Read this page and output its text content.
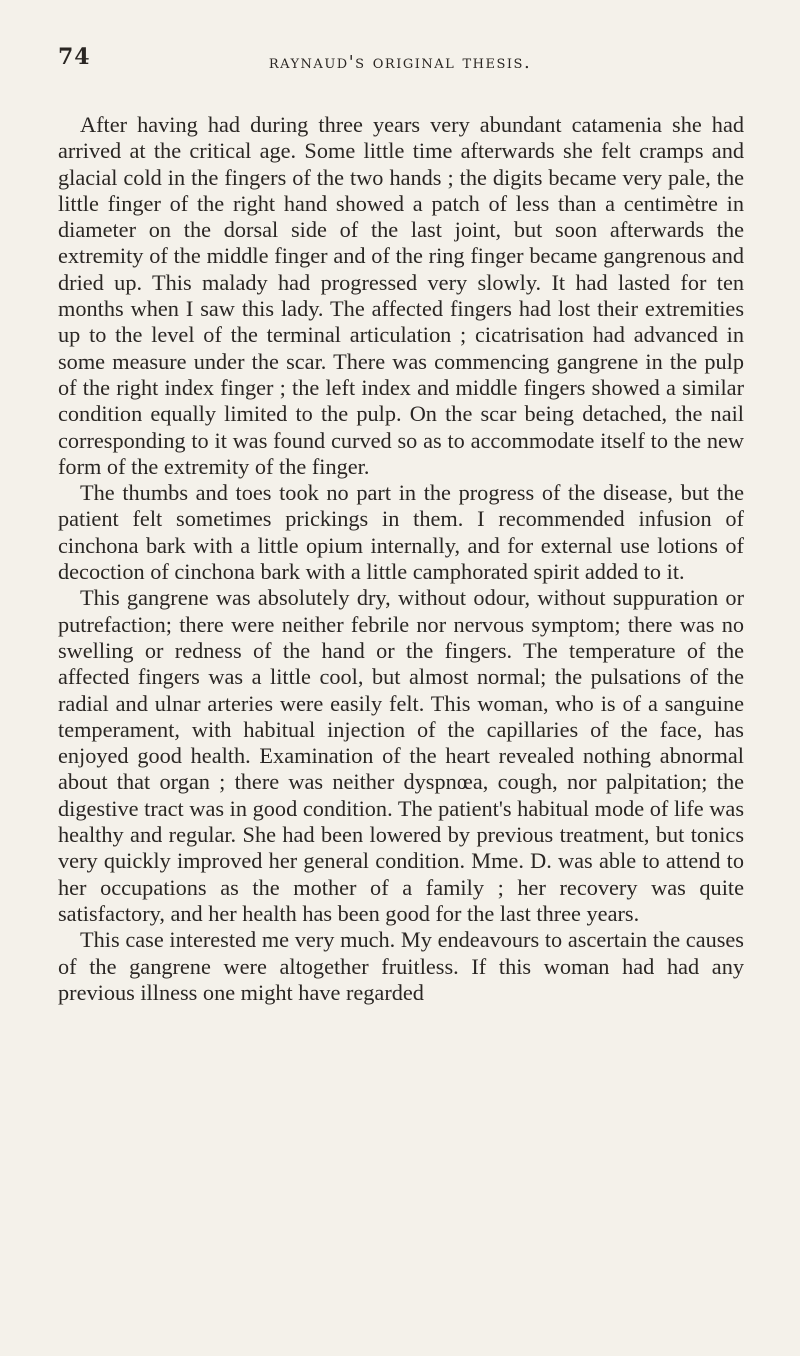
74	raynaud's original thesis.

After having had during three years very abundant catamenia she had arrived at the critical age. Some little time afterwards she felt cramps and glacial cold in the fingers of the two hands ; the digits became very pale, the little finger of the right hand showed a patch of less than a centimètre in diameter on the dorsal side of the last joint, but soon afterwards the extremity of the middle finger and of the ring finger became gangrenous and dried up. This malady had progressed very slowly. It had lasted for ten months when I saw this lady. The affected fingers had lost their extremities up to the level of the terminal articulation ; cicatrisation had advanced in some measure under the scar. There was commencing gangrene in the pulp of the right index finger ; the left index and middle fingers showed a similar condition equally limited to the pulp. On the scar being detached, the nail corresponding to it was found curved so as to accommodate itself to the new form of the extremity of the finger.

The thumbs and toes took no part in the progress of the disease, but the patient felt sometimes prickings in them. I recommended infusion of cinchona bark with a little opium internally, and for external use lotions of decoction of cinchona bark with a little camphorated spirit added to it.

This gangrene was absolutely dry, without odour, without suppuration or putrefaction; there were neither febrile nor nervous symptom; there was no swelling or redness of the hand or the fingers. The temperature of the affected fingers was a little cool, but almost normal; the pulsations of the radial and ulnar arteries were easily felt. This woman, who is of a sanguine temperament, with habitual injection of the capillaries of the face, has enjoyed good health. Examination of the heart revealed nothing abnormal about that organ ; there was neither dyspnœa, cough, nor palpitation; the digestive tract was in good condition. The patient's habitual mode of life was healthy and regular. She had been lowered by previous treatment, but tonics very quickly improved her general condition. Mme. D. was able to attend to her occupations as the mother of a family ; her recovery was quite satisfactory, and her health has been good for the last three years.

This case interested me very much. My endeavours to ascertain the causes of the gangrene were altogether fruitless. If this woman had had any previous illness one might have regarded
